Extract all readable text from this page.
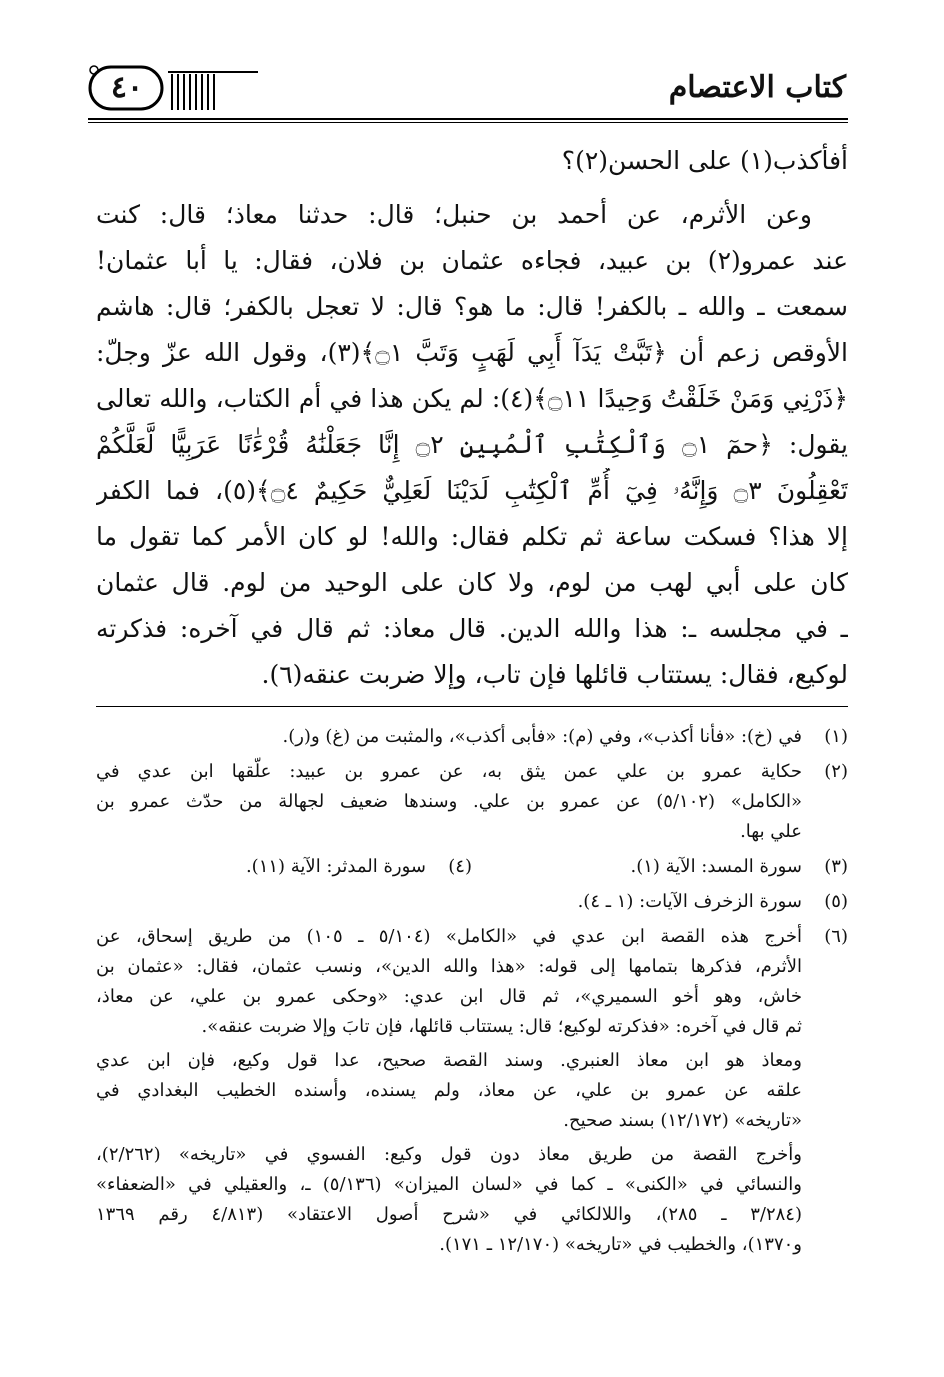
كتاب الاعتصام
٤٠
أفأكذب(١) على الحسن(٢)؟
وعن الأثرم، عن أحمد بن حنبل؛ قال: حدثنا معاذ؛ قال: كنت
عند عمرو(٢) بن عبيد، فجاءه عثمان بن فلان، فقال: يا أبا عثمان!
سمعت ـ والله ـ بالكفر! قال: ما هو؟ قال: لا تعجل بالكفر؛ قال: هاشم
الأوقص زعم أن ﴿تَبَّتْ يَدَآ أَبِي لَهَبٍ وَتَبَّ ۝١﴾(٣)، وقول الله عزّ وجلّ:
﴿ذَرْنِي وَمَنْ خَلَقْتُ وَحِيدًا ۝١١﴾(٤): لم يكن هذا في أم الكتاب، والله تعالى
يقول: ﴿حمٓ ۝١ وَٱلْكِتَٰبِ ٱلْمُبِينِ ۝٢ إِنَّا جَعَلْنَٰهُ قُرْءَٰنًا عَرَبِيًّا لَّعَلَّكُمْ
تَعْقِلُونَ ۝٣ وَإِنَّهُۥ فِيٓ أُمِّ ٱلْكِتَٰبِ لَدَيْنَا لَعَلِيٌّ حَكِيمٌ ۝٤﴾(٥)، فما الكفر
إلا هذا؟ فسكت ساعة ثم تكلم فقال: والله! لو كان الأمر كما تقول ما
كان على أبي لهب من لوم، ولا كان على الوحيد من لوم. قال عثمان
ـ في مجلسه ـ: هذا والله الدين. قال معاذ: ثم قال في آخره: فذكرته
لوكيع، فقال: يستتاب قائلها فإن تاب، وإلا ضربت عنقه(٦).
(١)
في (خ): «فأنا أكذب»، وفي (م): «فأبى أكذب»، والمثبت من (غ) و(ر).
(٢)
حكاية عمرو بن علي عمن يثق به، عن عمرو بن عبيد: علّقها ابن عدي في
«الكامل» (٥/١٠٢) عن عمرو بن علي. وسندها ضعيف لجهالة من حدّث عمرو بن
علي بها.
(٣)
سورة المسد: الآية (١).
(٤)
سورة المدثر: الآية (١١).
(٥)
سورة الزخرف الآيات: (١ ـ ٤).
(٦)
أخرج هذه القصة ابن عدي في «الكامل» (٥/١٠٤ ـ ١٠٥) من طريق إسحاق، عن
الأثرم، فذكرها بتمامها إلى قوله: «هذا والله الدين»، ونسب عثمان، فقال: «عثمان بن
خاش، وهو أخو السميري»، ثم قال ابن عدي: «وحكى عمرو بن علي، عن معاذ،
ثم قال في آخره: «فذكرته لوكيع؛ قال: يستتاب قائلها، فإن تابَ وإلا ضربت عنقه».
ومعاذ هو ابن معاذ العنبري. وسند القصة صحيح، عدا قول وكيع، فإن ابن عدي
علقه عن عمرو بن علي، عن معاذ، ولم يسنده، وأسنده الخطيب البغدادي في
«تاريخه» (١٢/١٧٢) بسند صحيح.
وأخرج القصة من طريق معاذ دون قول وكيع: الفسوي في «تاريخه» (٢/٢٦٢)،
والنسائي في «الكنى» ـ كما في «لسان الميزان» (٥/١٣٦) ـ، والعقيلي في «الضعفاء»
(٣/٢٨٤ ـ ٢٨٥)، واللالكائي في «شرح أصول الاعتقاد» (٤/٨١٣ رقم ١٣٦٩
و١٣٧٠)، والخطيب في «تاريخه» (١٢/١٧٠ ـ ١٧١).
